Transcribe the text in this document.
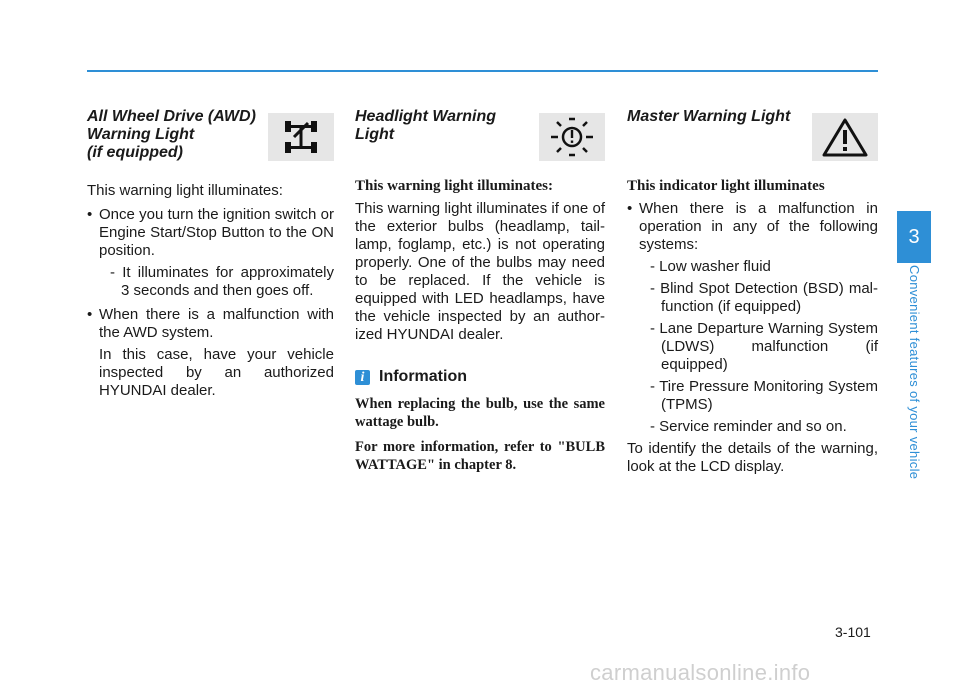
All Wheel Drive (AWD)
Warning Light
(if equipped)

This warning light illuminates:

• Once you turn the ignition switch or Engine Start/Stop Button to the ON position.

- It illuminates for approximately 3 seconds and then goes off.

• When there is a malfunction with the AWD system.

In this case, have your vehicle inspected by an authorized HYUNDAI dealer.

Headlight Warning
Light
This warning light illuminates:

This warning light illuminates if one of the exterior bulbs (headlamp, tail-lamp, foglamp, etc.) is not operating properly. One of the bulbs may need to be replaced. If the vehicle is equipped with LED headlamps, have the vehicle inspected by an author-ized HYUNDAI dealer.

i Information
When replacing the bulb, use the same wattage bulb.
For more information, refer to "BULB WATTAGE" in chapter 8.
Master Warning Light
This indicator light illuminates

• When there is a malfunction in operation in any of the following systems:

- Low washer fluid

- Blind Spot Detection (BSD) mal-function (if equipped)

- Lane Departure Warning System (LDWS) malfunction (if equipped)

- Tire Pressure Monitoring System (TPMS)

- Service reminder and so on.

To identify the details of the warning, look at the LCD display.

3
Convenient features of your vehicle
3-101
carmanualsonline.info
